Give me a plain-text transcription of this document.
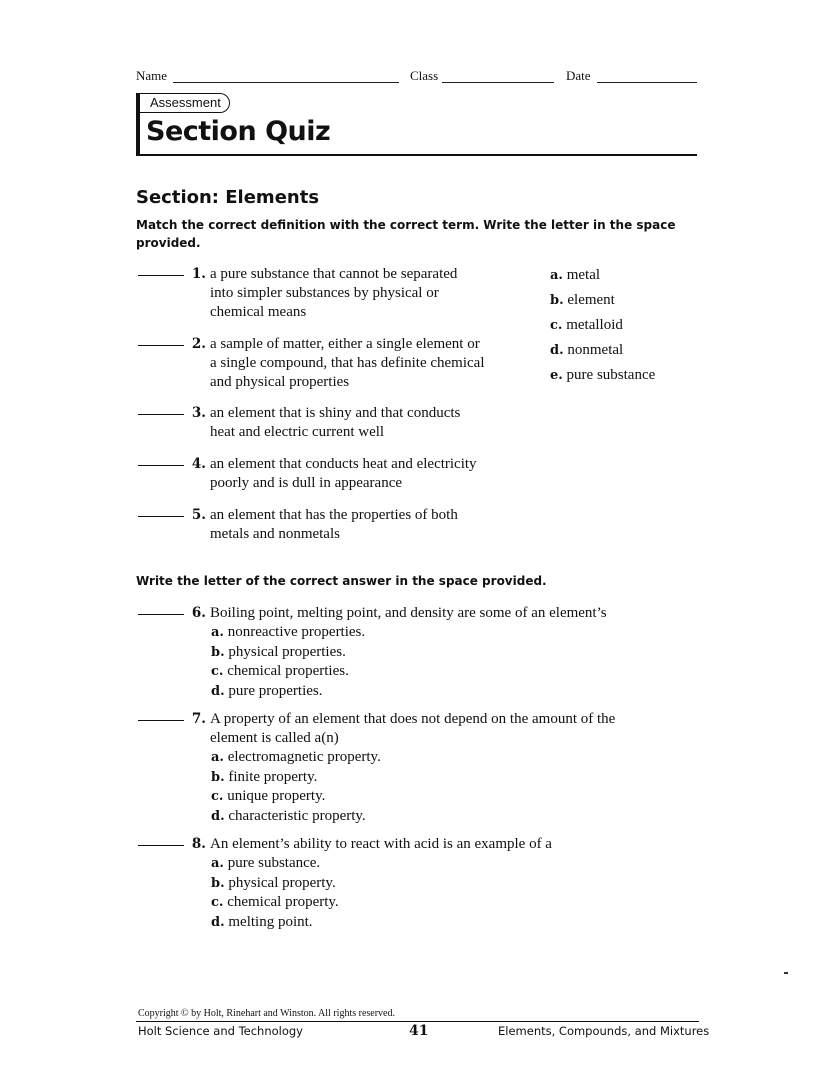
Name	Class	Date
Assessment
Section Quiz
Section: Elements
Match the correct definition with the correct term. Write the letter in the space provided.
1. a pure substance that cannot be separated
into simpler substances by physical or
chemical means
2. a sample of matter, either a single element or
a single compound, that has definite chemical
and physical properties
3. an element that is shiny and that conducts
heat and electric current well
4. an element that conducts heat and electricity
poorly and is dull in appearance
5. an element that has the properties of both
metals and nonmetals
a. metal
b. element
c. metalloid
d. nonmetal
e. pure substance
Write the letter of the correct answer in the space provided.
6. Boiling point, melting point, and density are some of an element’s
a. nonreactive properties.
b. physical properties.
c. chemical properties.
d. pure properties.
7. A property of an element that does not depend on the amount of the
element is called a(n)
a. electromagnetic property.
b. finite property.
c. unique property.
d. characteristic property.
8. An element’s ability to react with acid is an example of a
a. pure substance.
b. physical property.
c. chemical property.
d. melting point.
Copyright © by Holt, Rinehart and Winston. All rights reserved.
Holt Science and Technology	41	Elements, Compounds, and Mixtures
